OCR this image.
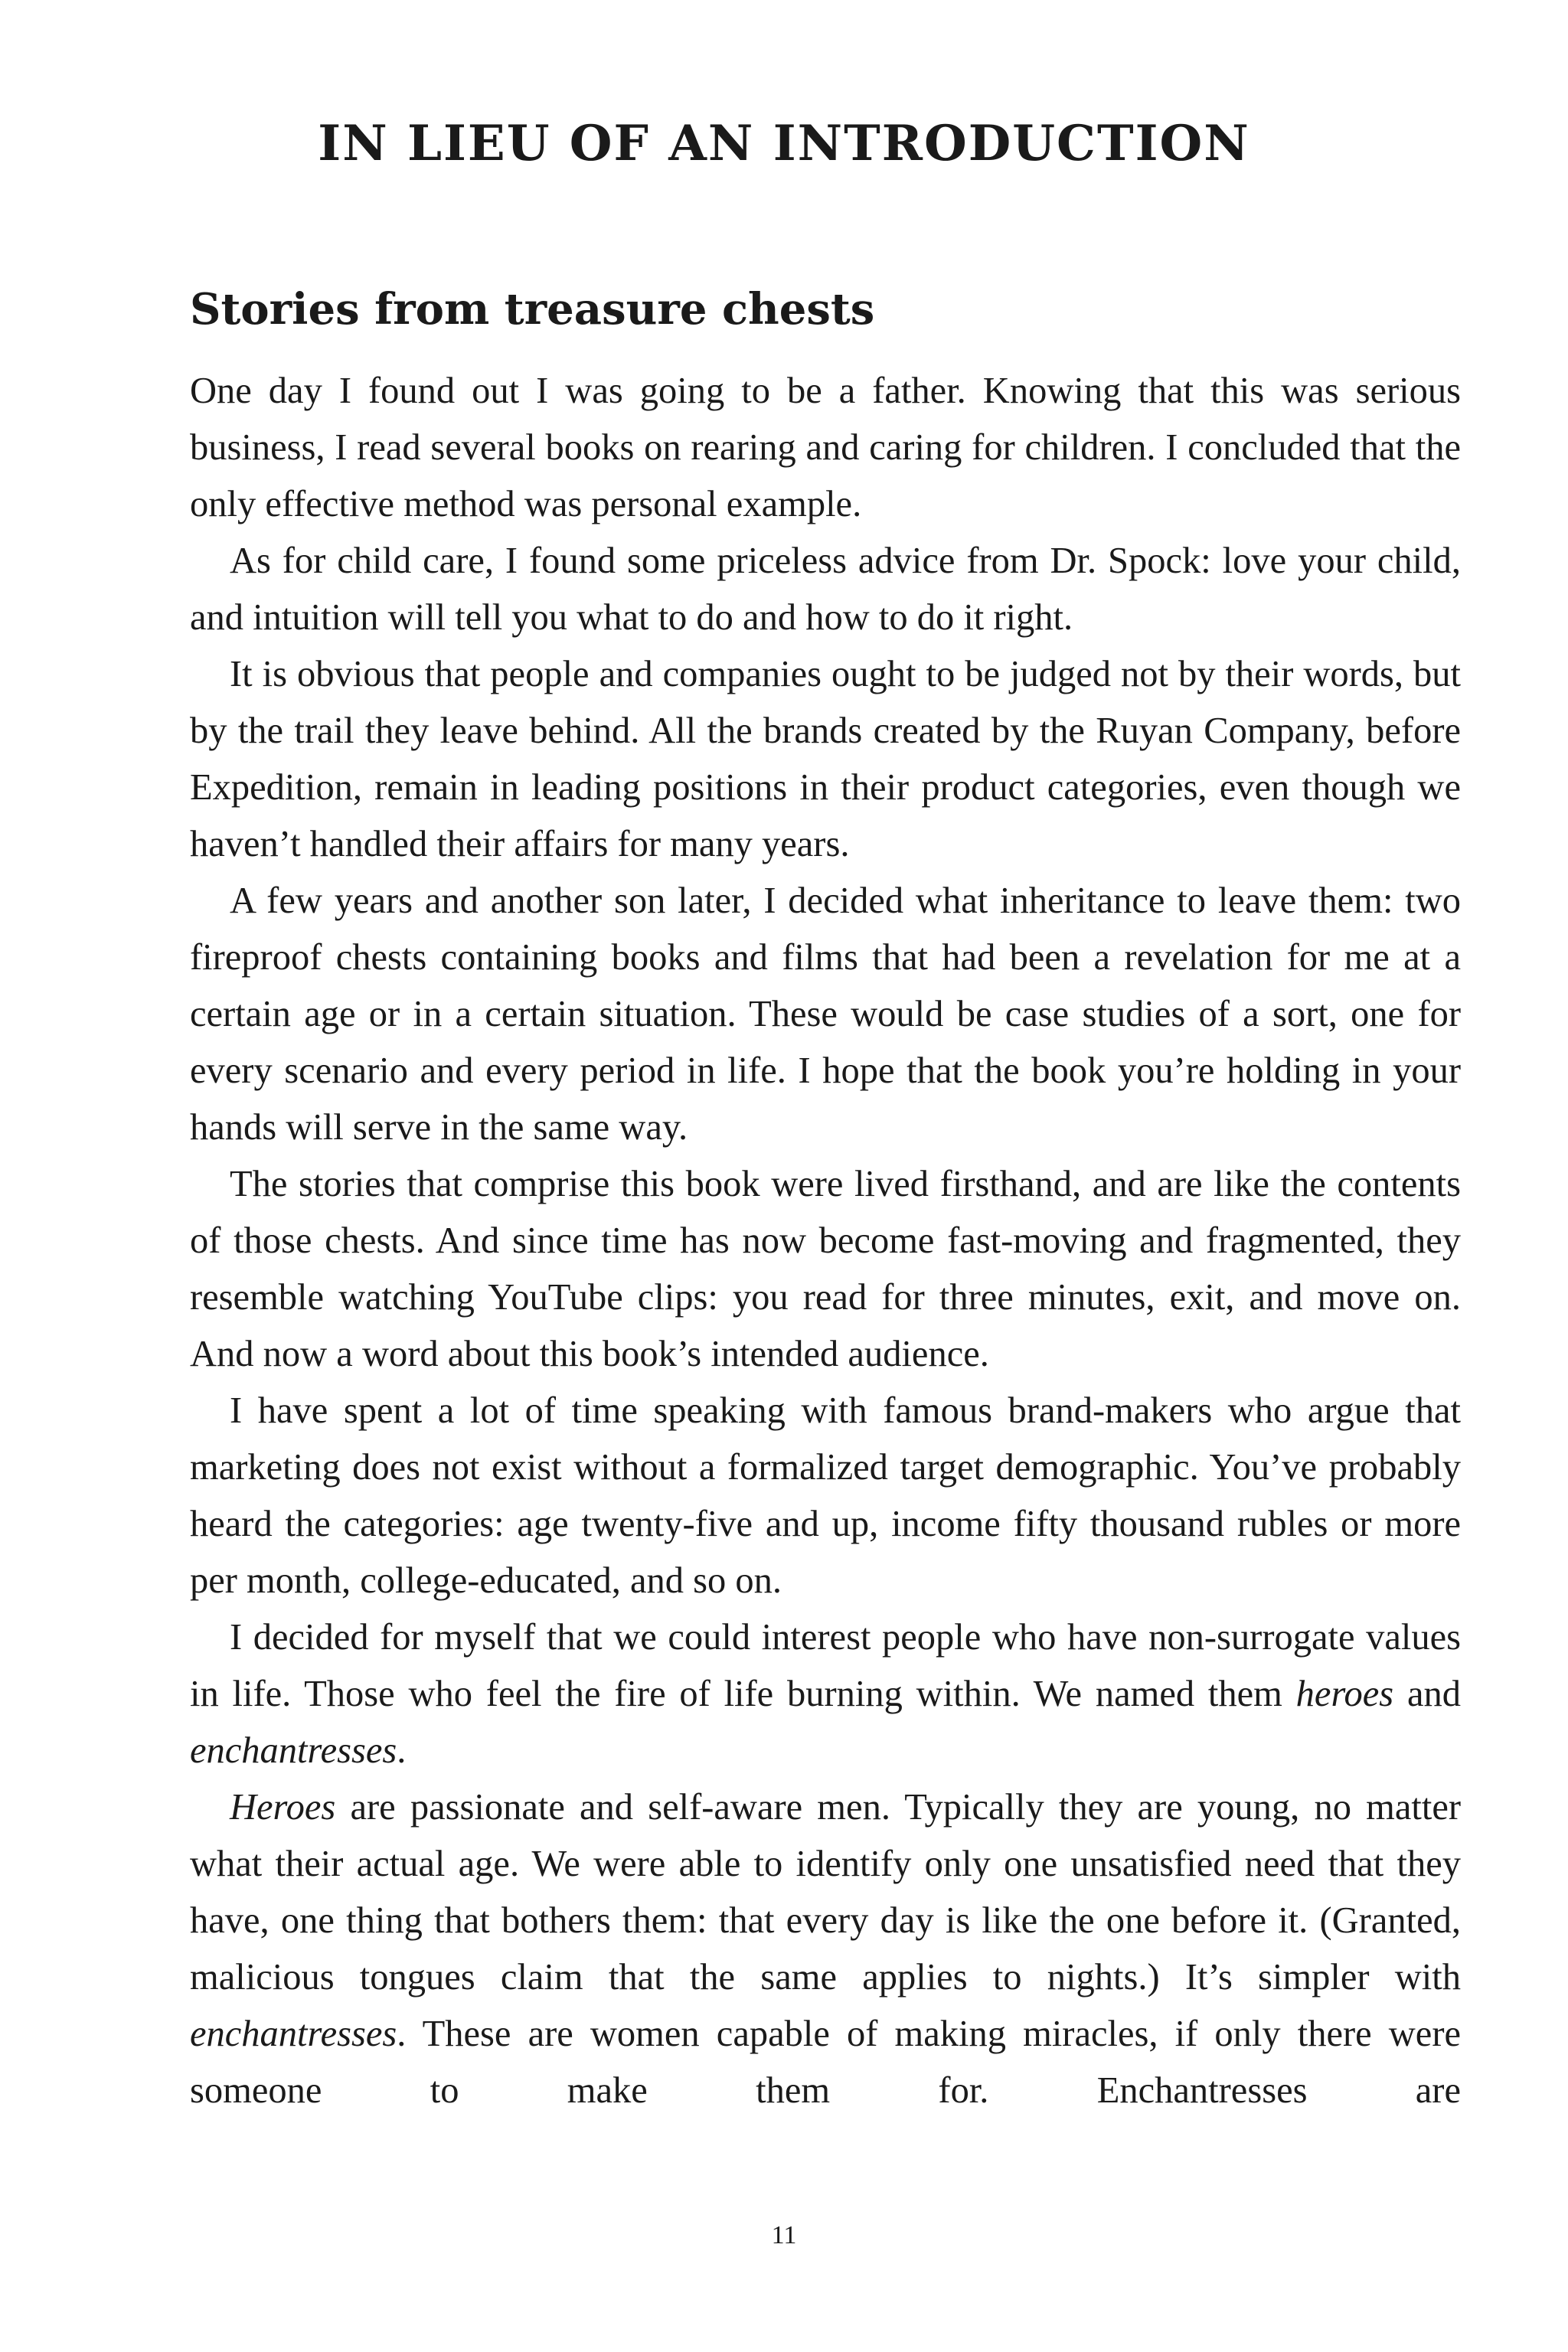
IN LIEU OF AN INTRODUCTION
Stories from treasure chests

One day I found out I was going to be a father. Knowing that this was serious business, I read several books on rearing and caring for children. I concluded that the only effective method was personal example.

As for child care, I found some priceless advice from Dr. Spock: love your child, and intuition will tell you what to do and how to do it right.

It is obvious that people and companies ought to be judged not by their words, but by the trail they leave behind. All the brands created by the Ruyan Company, before Expedition, remain in leading positions in their product categories, even though we haven’t handled their affairs for many years.

A few years and another son later, I decided what inheritance to leave them: two fireproof chests containing books and films that had been a revelation for me at a certain age or in a certain situation. These would be case studies of a sort, one for every scenario and every period in life. I hope that the book you’re holding in your hands will serve in the same way.

The stories that comprise this book were lived firsthand, and are like the contents of those chests. And since time has now become fast-moving and fragmented, they resemble watching YouTube clips: you read for three minutes, exit, and move on. And now a word about this book’s intended audience.

I have spent a lot of time speaking with famous brand-makers who argue that marketing does not exist without a formalized target demographic. You’ve probably heard the categories: age twenty-five and up, income fifty thousand rubles or more per month, college-educated, and so on.

I decided for myself that we could interest people who have non-surrogate values in life. Those who feel the fire of life burning within. We named them heroes and enchantresses.

Heroes are passionate and self-aware men. Typically they are young, no matter what their actual age. We were able to identify only one unsatisfied need that they have, one thing that bothers them: that every day is like the one before it. (Granted, malicious tongues claim that the same applies to nights.) It’s simpler with enchantresses. These are women capable of making miracles, if only there were someone to make them for. Enchantresses are

11
